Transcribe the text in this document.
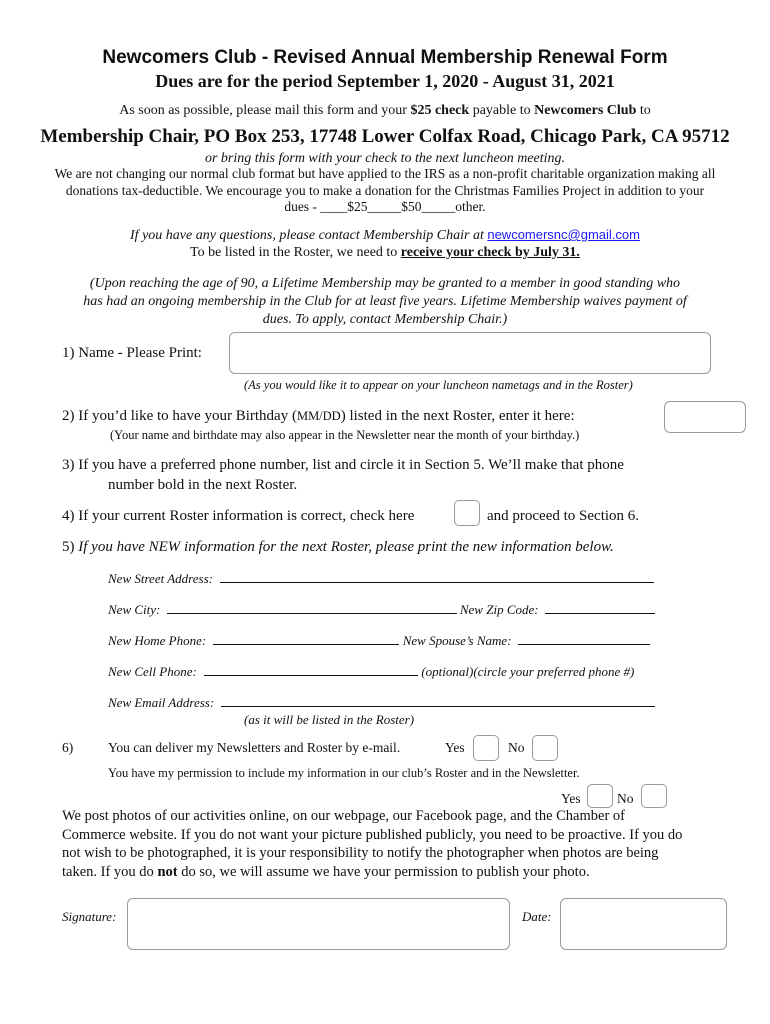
Newcomers Club - Revised Annual Membership Renewal Form
Dues are for the period September 1, 2020 - August 31, 2021
As soon as possible, please mail this form and your $25 check payable to Newcomers Club to
Membership Chair, PO Box 253, 17748 Lower Colfax Road, Chicago Park, CA 95712
or bring this form with your check to the next luncheon meeting.
We are not changing our normal club format but have applied to the IRS as a non-profit charitable organization making all
donations tax-deductible. We encourage you to make a donation for the Christmas Families Project in addition to your
dues - ____$25_____$50_____other.
If you have any questions, please contact Membership Chair at newcomersnc@gmail.com
To be listed in the Roster, we need to receive your check by July 31.
(Upon reaching the age of 90, a Lifetime Membership may be granted to a member in good standing who
has had an ongoing membership in the Club for at least five years. Lifetime Membership waives payment of
dues. To apply, contact Membership Chair.)
1) Name - Please Print:
(As you would like it to appear on your luncheon nametags and in the Roster)
2) If you’d like to have your Birthday (MM/DD) listed in the next Roster, enter it here:
(Your name and birthdate may also appear in the Newsletter near the month of your birthday.)
3) If you have a preferred phone number, list and circle it in Section 5. We’ll make that phone
number bold in the next Roster.
4) If your current Roster information is correct, check here	and proceed to Section 6.
5) If you have NEW information for the next Roster, please print the new information below.
New Street Address:
New City:	New Zip Code:
New Home Phone:	New Spouse’s Name:
New Cell Phone:	(optional)(circle your preferred phone #)
New Email Address:
(as it will be listed in the Roster)
6)	You can deliver my Newsletters and Roster by e-mail.	Yes	No
You have my permission to include my information in our club’s Roster and in the Newsletter.
Yes	No
We post photos of our activities online, on our webpage, our Facebook page, and the Chamber of
Commerce website. If you do not want your picture published publicly, you need to be proactive. If you do
not wish to be photographed, it is your responsibility to notify the photographer when photos are being
taken. If you do not do so, we will assume we have your permission to publish your photo.
Signature:	Date:
